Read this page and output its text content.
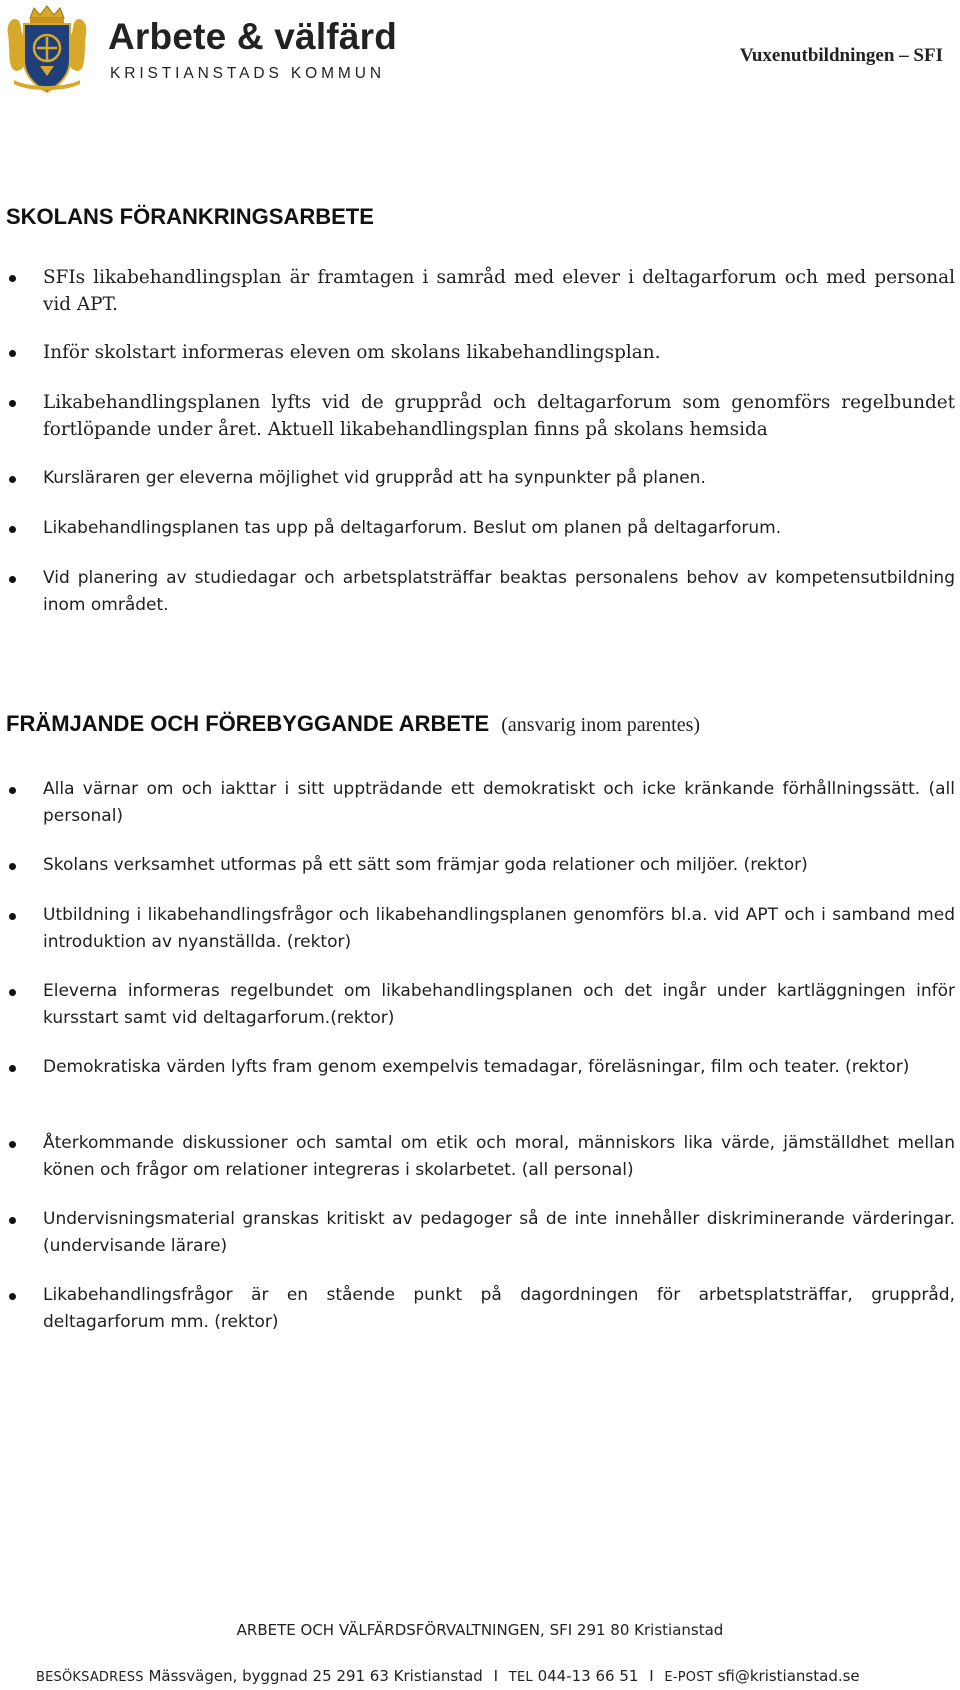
Arbete & välfärd
KRISTIANSTADS KOMMUN
Vuxenutbildningen – SFI
SKOLANS FÖRANKRINGSARBETE
SFIs likabehandlingsplan är framtagen i samråd med elever i deltagarforum och med personal vid APT.
Inför skolstart informeras eleven om skolans likabehandlingsplan.
Likabehandlingsplanen lyfts vid de gruppråd och deltagarforum som genomförs regelbundet fortlöpande under året. Aktuell likabehandlingsplan finns på skolans hemsida
Kursläraren ger eleverna möjlighet vid gruppråd att ha synpunkter på planen.
Likabehandlingsplanen tas upp på deltagarforum. Beslut om planen på deltagarforum.
Vid planering av studiedagar och arbetsplatsträffar beaktas personalens behov av kompetensutbildning inom området.
FRÄMJANDE OCH FÖREBYGGANDE ARBETE (ansvarig inom parentes)
Alla värnar om och iakttar i sitt uppträdande ett demokratiskt och icke kränkande förhållningssätt. (all personal)
Skolans verksamhet utformas på ett sätt som främjar goda relationer och miljöer. (rektor)
Utbildning i likabehandlingsfrågor och likabehandlingsplanen genomförs bl.a. vid APT och i samband med introduktion av nyanställda. (rektor)
Eleverna informeras regelbundet om likabehandlingsplanen och det ingår under kartläggningen inför kursstart samt vid deltagarforum.(rektor)
Demokratiska värden lyfts fram genom exempelvis temadagar, föreläsningar, film och teater. (rektor)
Återkommande diskussioner och samtal om etik och moral, människors lika värde, jämställdhet mellan könen och frågor om relationer integreras i skolarbetet. (all personal)
Undervisningsmaterial granskas kritiskt av pedagoger så de inte innehåller diskriminerande värderingar. (undervisande lärare)
Likabehandlingsfrågor är en stående punkt på dagordningen för arbetsplatsträffar, gruppråd, deltagarforum mm. (rektor)
ARBETE OCH VÄLFÄRDSFÖRVALTNINGEN, SFI 291 80 Kristianstad
BESÖKSADRESS Mässvägen, byggnad 25 291 63 Kristianstad I TEL 044-13 66 51 I E-POST sfi@kristianstad.se
